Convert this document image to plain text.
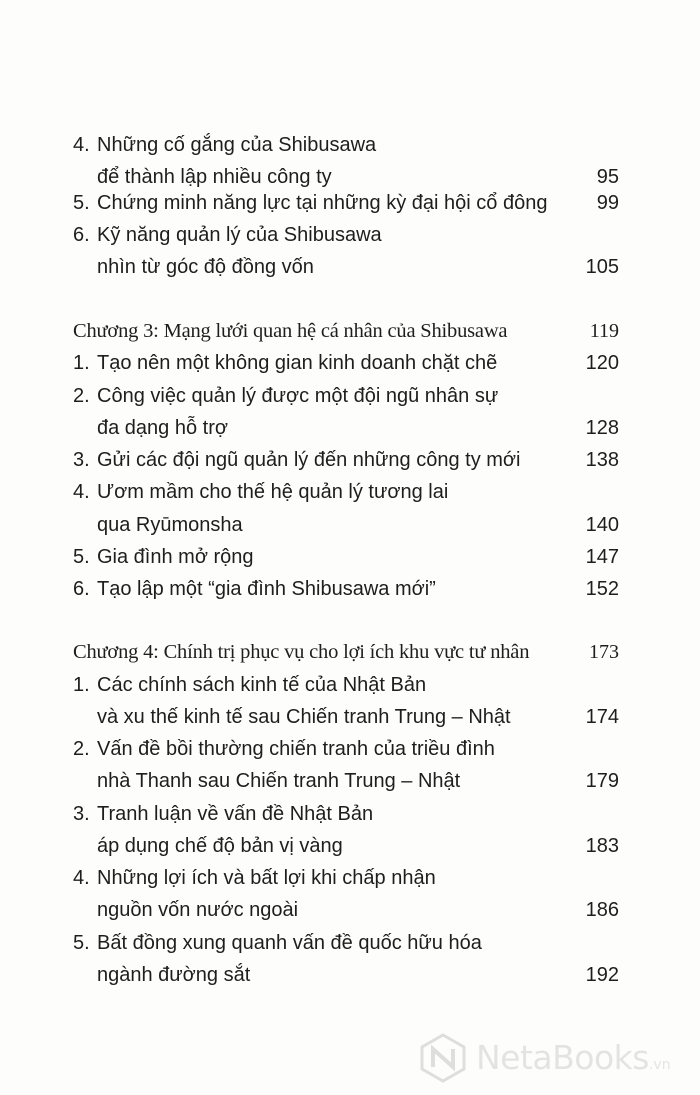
4. Những cố gắng của Shibusawa
để thành lập nhiều công ty	95
5. Chứng minh năng lực tại những kỳ đại hội cổ đông 99
6. Kỹ năng quản lý của Shibusawa
nhìn từ góc độ đồng vốn	105
Chương 3: Mạng lưới quan hệ cá nhân của Shibusawa	119
1. Tạo nên một không gian kinh doanh chặt chẽ	120
2. Công việc quản lý được một đội ngũ nhân sự
đa dạng hỗ trợ	128
3. Gửi các đội ngũ quản lý đến những công ty mới	138
4. Ươm mầm cho thế hệ quản lý tương lai
qua Ryūmonsha	140
5. Gia đình mở rộng	147
6. Tạo lập một “gia đình Shibusawa mới”	152
Chương 4: Chính trị phục vụ cho lợi ích khu vực tư nhân	173
1. Các chính sách kinh tế của Nhật Bản
và xu thế kinh tế sau Chiến tranh Trung – Nhật	174
2. Vấn đề bồi thường chiến tranh của triều đình
nhà Thanh sau Chiến tranh Trung – Nhật	179
3. Tranh luận về vấn đề Nhật Bản
áp dụng chế độ bản vị vàng	183
4. Những lợi ích và bất lợi khi chấp nhận
nguồn vốn nước ngoài	186
5. Bất đồng xung quanh vấn đề quốc hữu hóa
ngành đường sắt	192
NetaBooks.vn
